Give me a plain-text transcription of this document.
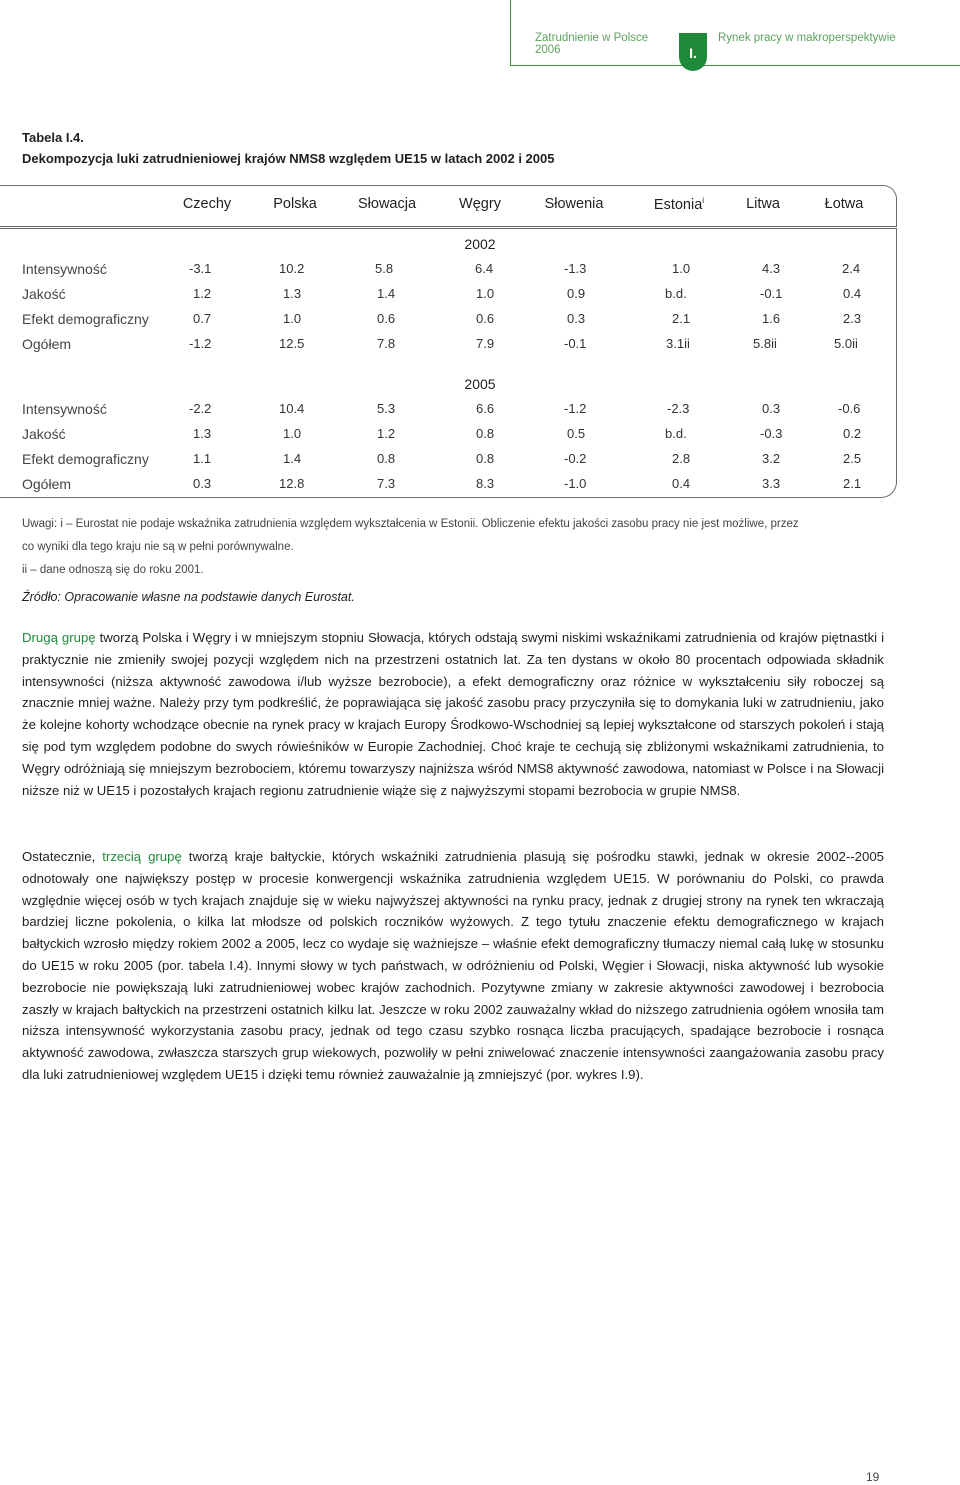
Zatrudnienie w Polsce 2006	I.
Rynek pracy w makroperspektywie
Tabela I.4.
Dekompozycja luki zatrudnieniowej krajów NMS8 względem UE15 w latach 2002 i 2005
Czechy	Polska	Słowacja	Węgry	Słowenia	Estonia$^i$	Litwa	Łotwa
2002
Intensywność	-3.1	10.2	5.8	6.4	-1.3	1.0	4.3	2.4
Jakość	1.2	1.3	1.4	1.0	0.9	b.d.	-0.1	0.4
Efekt demograficzny	0.7	1.0	0.6	0.6	0.3	2.1	1.6	2.3
Ogółem	-1.2	12.5	7.8	7.9	-0.1	3.1ii	5.8ii	5.0ii
2005
Intensywność	-2.2	10.4	5.3	6.6	-1.2	-2.3	0.3	-0.6
Jakość	1.3	1.0	1.2	0.8	0.5	b.d.	-0.3	0.2
Efekt demograficzny	1.1	1.4	0.8	0.8	-0.2	2.8	3.2	2.5
Ogółem	0.3	12.8	7.3	8.3	-1.0	0.4	3.3	2.1
Uwagi: i – Eurostat nie podaje wskaźnika zatrudnienia względem wykształcenia w Estonii. Obliczenie efektu jakości zasobu pracy nie jest możliwe, przez
co wyniki dla tego kraju nie są w pełni porównywalne.
ii – dane odnoszą się do roku 2001.
Źródło: Opracowanie własne na podstawie danych Eurostat.

Drugą grupę tworzą Polska i Węgry i w mniejszym stopniu Słowacja, których odstają swymi niskimi wskaźnikami zatrudnienia od krajów piętnastki i praktycznie nie zmieniły swojej pozycji względem nich na przestrzeni ostatnich lat. Za ten dystans w około 80 procentach odpowiada składnik intensywności (niższa aktywność zawodowa i/lub wyższe bezrobocie), a efekt demograficzny oraz różnice w wykształceniu siły roboczej są znacznie mniej ważne. Należy przy tym podkreślić, że poprawiająca się jakość zasobu pracy przyczyniła się to domykania luki w zatrudnieniu, jako że kolejne kohorty wchodzące obecnie na rynek pracy w krajach Europy Środkowo-Wschodniej są lepiej wykształcone od starszych pokoleń i stają się pod tym względem podobne do swych rówieśników w Europie Zachodniej. Choć kraje te cechują się zbliżonymi wskaźnikami zatrudnienia, to Węgry odróżniają się mniejszym bezrobociem, któremu towarzyszy najniższa wśród NMS8 aktywność zawodowa, natomiast w Polsce i na Słowacji niższe niż w UE15 i pozostałych krajach regionu zatrudnienie wiąże się z najwyższymi stopami bezrobocia w grupie NMS8.

Ostatecznie, trzecią grupę tworzą kraje bałtyckie, których wskaźniki zatrudnienia plasują się pośrodku stawki, jednak w okresie 2002--2005 odnotowały one największy postęp w procesie konwergencji wskaźnika zatrudnienia względem UE15. W porównaniu do Polski, co prawda względnie więcej osób w tych krajach znajduje się w wieku najwyższej aktywności na rynku pracy, jednak z drugiej strony na rynek ten wkraczają bardziej liczne pokolenia, o kilka lat młodsze od polskich roczników wyżowych. Z tego tytułu znaczenie efektu demograficznego w krajach bałtyckich wzrosło między rokiem 2002 a 2005, lecz co wydaje się ważniejsze – właśnie efekt demograficzny tłumaczy niemal całą lukę w stosunku do UE15 w roku 2005 (por. tabela I.4). Innymi słowy w tych państwach, w odróżnieniu od Polski, Węgier i Słowacji, niska aktywność lub wysokie bezrobocie nie powiększają luki zatrudnieniowej wobec krajów zachodnich. Pozytywne zmiany w zakresie aktywności zawodowej i bezrobocia zaszły w krajach bałtyckich na przestrzeni ostatnich kilku lat. Jeszcze w roku 2002 zauważalny wkład do niższego zatrudnienia ogółem wnosiła tam niższa intensywność wykorzystania zasobu pracy, jednak od tego czasu szybko rosnąca liczba pracujących, spadające bezrobocie i rosnąca aktywność zawodowa, zwłaszcza starszych grup wiekowych, pozwoliły w pełni zniwelować znaczenie intensywności zaangażowania zasobu pracy dla luki zatrudnieniowej względem UE15 i dzięki temu również zauważalnie ją zmniejszyć (por. wykres I.9).

19
